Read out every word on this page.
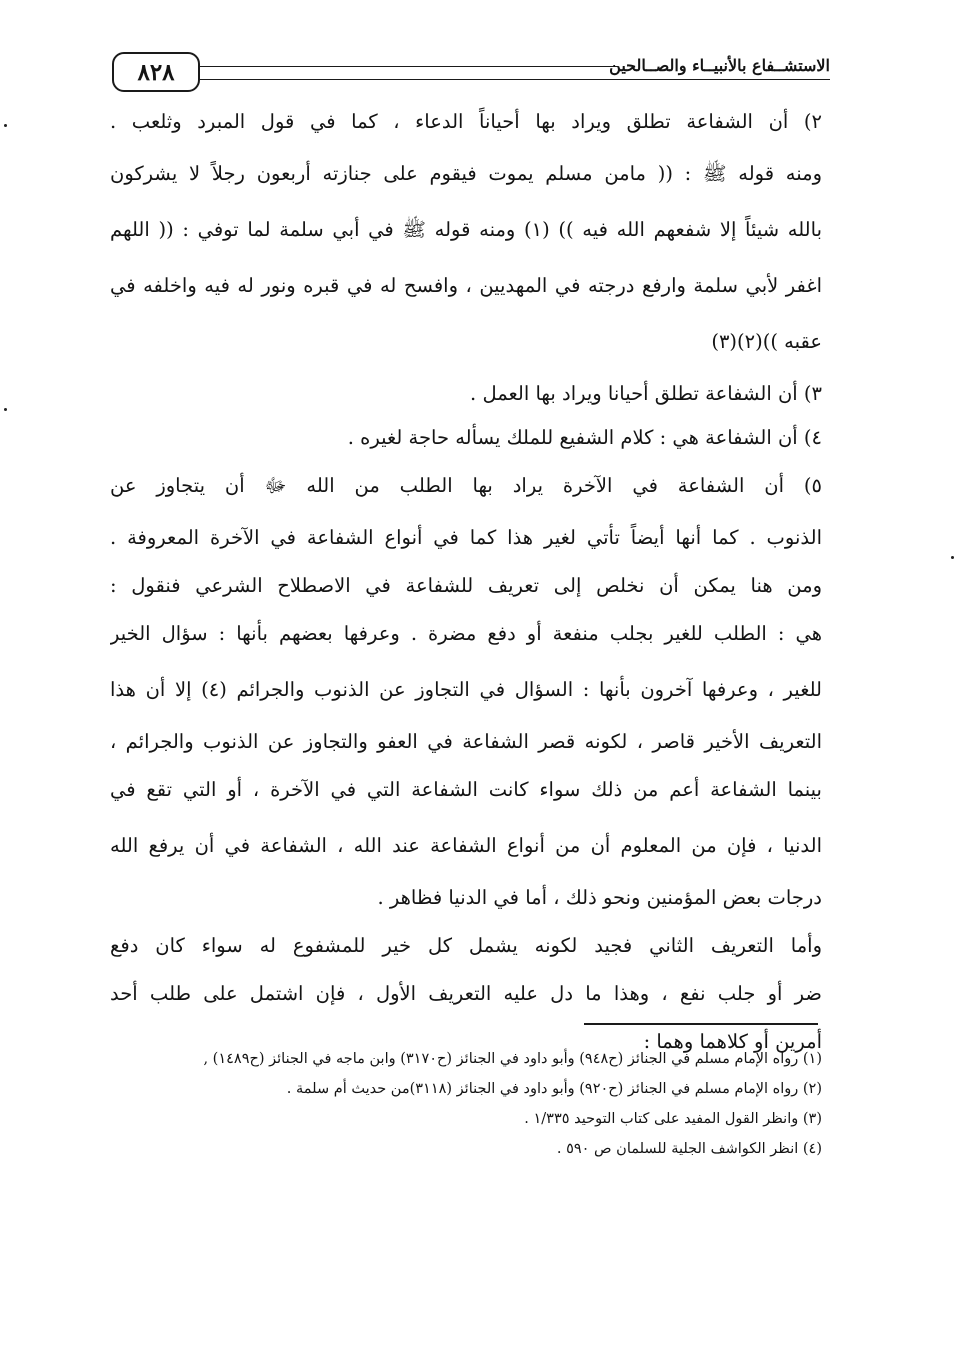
٨٢٨	الاستشــفاع بالأنبيــاء والصــالحين
٢) أن الشفاعة تطلق ويراد بها أحياناً الدعاء ، كما في قول المبرد وثلعب .
ومنه قوله ﷺ : (( مامن مسلم يموت فيقوم على جنازته أربعون رجلاً لا يشركون
بالله شيئاً إلا شفعهم الله فيه )) (١) ومنه قوله ﷺ في أبي سلمة لما توفي : (( اللهم
اغفر لأبي سلمة وارفع درجته في المهديين ، وافسح له في قبره ونور له فيه واخلفه في
عقبه ))(٢)(٣)
٣) أن الشفاعة تطلق أحيانا ويراد بها العمل .
٤) أن الشفاعة هي : كلام الشفيع للملك يسأله حاجة لغيره .
٥) أن الشفاعة في الآخرة يراد بها الطلب من الله ﷻ أن يتجاوز عن
الذنوب . كما أنها أيضاً تأتي لغير هذا كما في أنواع الشفاعة في الآخرة المعروفة .
ومن هنا يمكن أن نخلص إلى تعريف للشفاعة في الاصطلاح الشرعي فنقول :
هي : الطلب للغير بجلب منفعة أو دفع مضرة . وعرفها بعضهم بأنها : سؤال الخير
للغير ، وعرفها آخرون بأنها : السؤال في التجاوز عن الذنوب والجرائم (٤) إلا أن هذا
التعريف الأخير قاصر ، لكونه قصر الشفاعة في العفو والتجاوز عن الذنوب والجرائم ،
بينما الشفاعة أعم من ذلك سواء كانت الشفاعة التي في الآخرة ، أو التي تقع في
الدنيا ، فإن من المعلوم أن من أنواع الشفاعة عند الله ، الشفاعة في أن يرفع الله
درجات بعض المؤمنين ونحو ذلك ، أما في الدنيا فظاهر .
وأما التعريف الثاني فجيد لكونه يشمل كل خير للمشفوع له سواء كان دفع
ضر أو جلب نفع ، وهذا ما دل عليه التعريف الأول ، فإن اشتمل على طلب أحد
أمرين أو كلاهما وهما :
(١) رواه الإمام مسلم في الجنائز (ح٩٤٨) وأبو داود في الجنائز (ح٣١٧٠) وابن ماجه في الجنائز (ح١٤٨٩) ,
(٢) رواه الإمام مسلم في الجنائز (ح٩٢٠) وأبو داود في الجنائز (٣١١٨)من حديث أم سلمة .
(٣) وانظر القول المفيد على كتاب التوحيد ١/٣٣٥ .
(٤) انظر الكواشف الجلية للسلمان ص ٥٩٠ .
